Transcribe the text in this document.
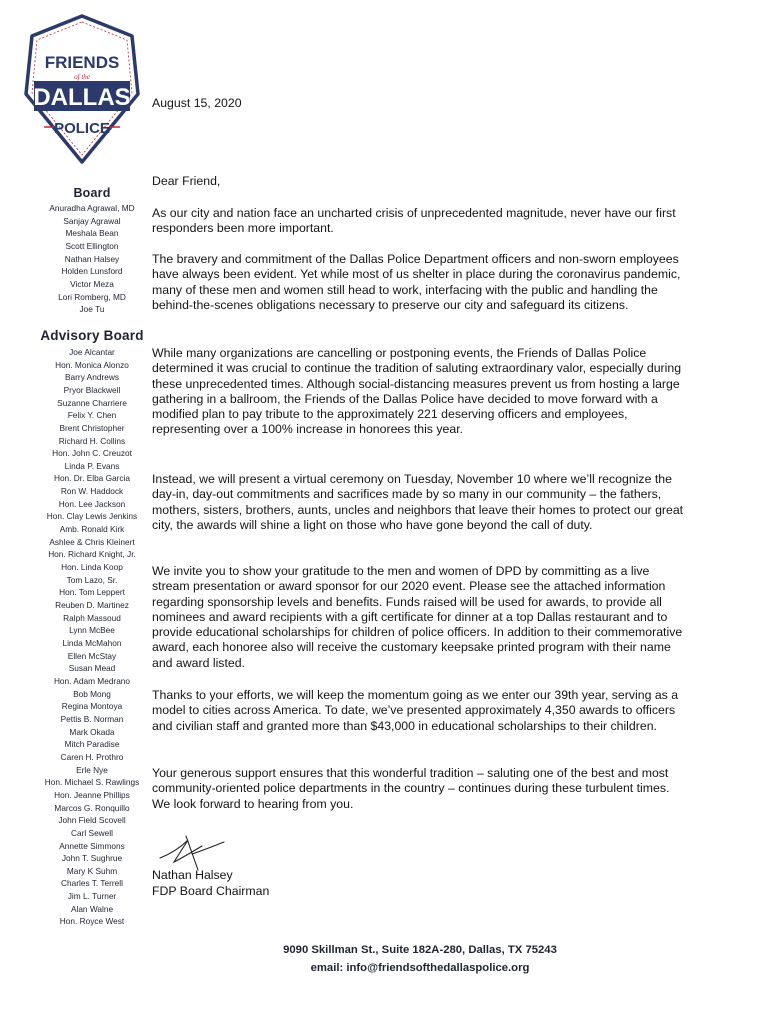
FRIENDS
of the
DALLAS
POLICE
Board
Anuradha Agrawal, MD
Sanjay Agrawal
Meshala Bean
Scott Ellington
Nathan Halsey
Holden Lunsford
Victor Meza
Lori Romberg, MD
Joe Tu
Advisory Board
Joe Alcantar
Hon. Monica Alonzo
Barry Andrews
Pryor Blackwell
Suzanne Charriere
Felix Y. Chen
Brent Christopher
Richard H. Collins
Hon. John C. Creuzot
Linda P. Evans
Hon. Dr. Elba Garcia
Ron W. Haddock
Hon. Lee Jackson
Hon. Clay Lewis Jenkins
Amb. Ronald Kirk
Ashlee & Chris Kleinert
Hon. Richard Knight, Jr.
Hon. Linda Koop
Tom Lazo, Sr.
Hon. Tom Leppert
Reuben D. Martinez
Ralph Massoud
Lynn McBee
Linda McMahon
Ellen McStay
Susan Mead
Hon. Adam Medrano
Bob Mong
Regina Montoya
Pettis B. Norman
Mark Okada
Mitch Paradise
Caren H. Prothro
Erle Nye
Hon. Michael S. Rawlings
Hon. Jeanne Phillips
Marcos G. Ronquillo
John Field Scovell
Carl Sewell
Annette Simmons
John T. Sughrue
Mary K Suhm
Charles T. Terrell
Jim L. Turner
Alan Walne
Hon. Royce West
August 15, 2020
Dear Friend,

As our city and nation face an uncharted crisis of unprecedented magnitude, never have our first responders been more important.

The bravery and commitment of the Dallas Police Department officers and non-sworn employees have always been evident. Yet while most of us shelter in place during the coronavirus pandemic, many of these men and women still head to work, interfacing with the public and handling the behind-the-scenes obligations necessary to preserve our city and safeguard its citizens.

While many organizations are cancelling or postponing events, the Friends of Dallas Police determined it was crucial to continue the tradition of saluting extraordinary valor, especially during these unprecedented times. Although social-distancing measures prevent us from hosting a large gathering in a ballroom, the Friends of the Dallas Police have decided to move forward with a modified plan to pay tribute to the approximately 221 deserving officers and employees, representing over a 100% increase in honorees this year.

Instead, we will present a virtual ceremony on Tuesday, November 10 where we’ll recognize the day-in, day-out commitments and sacrifices made by so many in our community – the fathers, mothers, sisters, brothers, aunts, uncles and neighbors that leave their homes to protect our great city, the awards will shine a light on those who have gone beyond the call of duty.

We invite you to show your gratitude to the men and women of DPD by committing as a live stream presentation or award sponsor for our 2020 event. Please see the attached information regarding sponsorship levels and benefits. Funds raised will be used for awards, to provide all nominees and award recipients with a gift certificate for dinner at a top Dallas restaurant and to provide educational scholarships for children of police officers. In addition to their commemorative award, each honoree also will receive the customary keepsake printed program with their name and award listed.

Thanks to your efforts, we will keep the momentum going as we enter our 39th year, serving as a model to cities across America. To date, we’ve presented approximately 4,350 awards to officers and civilian staff and granted more than $43,000 in educational scholarships to their children.

Your generous support ensures that this wonderful tradition – saluting one of the best and most community-oriented police departments in the country – continues during these turbulent times. We look forward to hearing from you.

Nathan Halsey
FDP Board Chairman
9090 Skillman St., Suite 182A-280, Dallas, TX 75243
email: info@friendsofthedallaspolice.org
